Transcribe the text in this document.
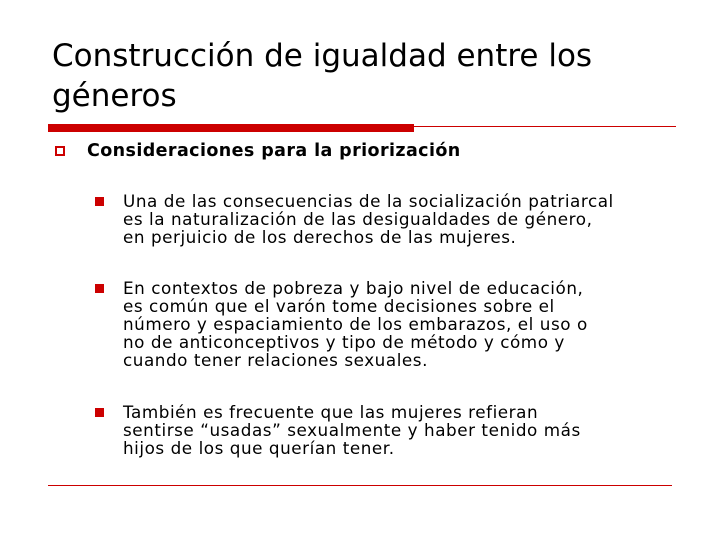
Construcción de igualdad entre los
géneros
Consideraciones para la priorización

Una de las consecuencias de la socialización patriarcal
es la naturalización de las desigualdades de género,
en perjuicio de los derechos de las mujeres.

En contextos de pobreza y bajo nivel de educación,
es común que el varón tome decisiones sobre el
número y espaciamiento de los embarazos, el uso o
no de anticonceptivos y tipo de método y cómo y
cuando tener relaciones sexuales.

También es frecuente que las mujeres refieran
sentirse “usadas” sexualmente y haber tenido más
hijos de los que querían tener.
